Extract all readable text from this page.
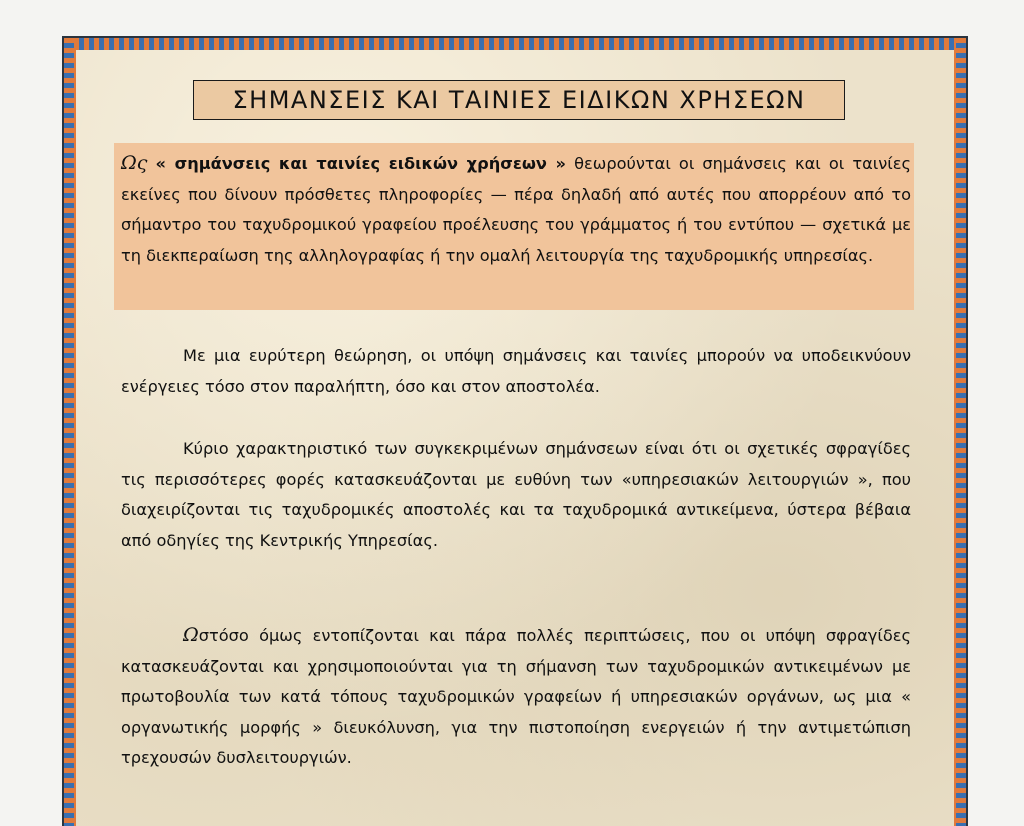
ΣΗΜΑΝΣΕΙΣ ΚΑΙ ΤΑΙΝΙΕΣ ΕΙΔΙΚΩΝ ΧΡΗΣΕΩΝ

Ως « σημάνσεις και ταινίες ειδικών χρήσεων » θεωρούνται οι σημάνσεις και οι ταινίες εκείνες που δίνουν πρόσθετες πληροφορίες — πέρα δηλαδή από αυτές που απορρέουν από το σήμαντρο του ταχυδρομικού γραφείου προέλευσης του γράμματος ή του εντύπου — σχετικά με τη διεκπεραίωση της αλληλογραφίας ή την ομαλή λειτουργία της ταχυδρομικής υπηρεσίας.

Με μια ευρύτερη θεώρηση, οι υπόψη σημάνσεις και ταινίες μπορούν να υποδεικνύουν ενέργειες τόσο στον παραλήπτη, όσο και στον αποστολέα.

Κύριο χαρακτηριστικό των συγκεκριμένων σημάνσεων είναι ότι οι σχετικές σφραγίδες τις περισσότερες φορές κατασκευάζονται με ευθύνη των «υπηρεσιακών λειτουργιών », που διαχειρίζονται τις ταχυδρομικές αποστολές και τα ταχυδρομικά αντικείμενα, ύστερα βέβαια από οδηγίες της Κεντρικής Υπηρεσίας.

Ωστόσο όμως εντοπίζονται και πάρα πολλές περιπτώσεις, που οι υπόψη σφραγίδες κατασκευάζονται και χρησιμοποιούνται για τη σήμανση των ταχυδρομικών αντικειμένων με πρωτοβουλία των κατά τόπους ταχυδρομικών γραφείων ή υπηρεσιακών οργάνων, ως μια « οργανωτικής μορφής » διευκόλυνση, για την πιστοποίηση ενεργειών ή την αντιμετώπιση τρεχουσών δυσλειτουργιών.
